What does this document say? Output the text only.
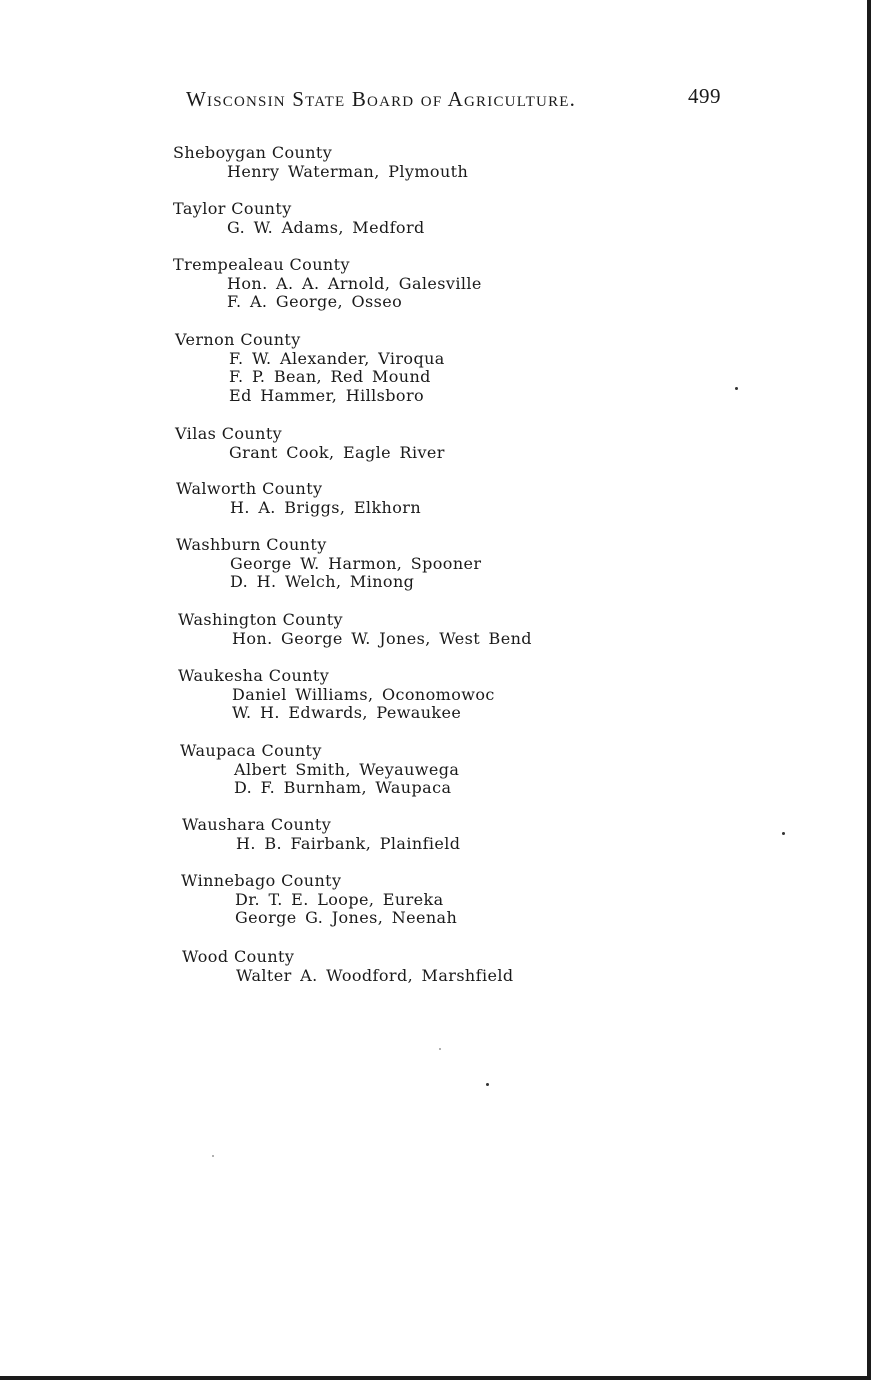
Wisconsin State Board of Agriculture.	499
Sheboygan County
Henry Waterman, Plymouth
Taylor County
G. W. Adams, Medford
Trempealeau County
Hon. A. A. Arnold, Galesville
F. A. George, Osseo
Vernon County
F. W. Alexander, Viroqua
F. P. Bean, Red Mound
Ed Hammer, Hillsboro
Vilas County
Grant Cook, Eagle River
Walworth County
H. A. Briggs, Elkhorn
Washburn County
George W. Harmon, Spooner
D. H. Welch, Minong
Washington County
Hon. George W. Jones, West Bend
Waukesha County
Daniel Williams, Oconomowoc
W. H. Edwards, Pewaukee
Waupaca County
Albert Smith, Weyauwega
D. F. Burnham, Waupaca
Waushara County
H. B. Fairbank, Plainfield
Winnebago County
Dr. T. E. Loope, Eureka
George G. Jones, Neenah
Wood County
Walter A. Woodford, Marshfield
